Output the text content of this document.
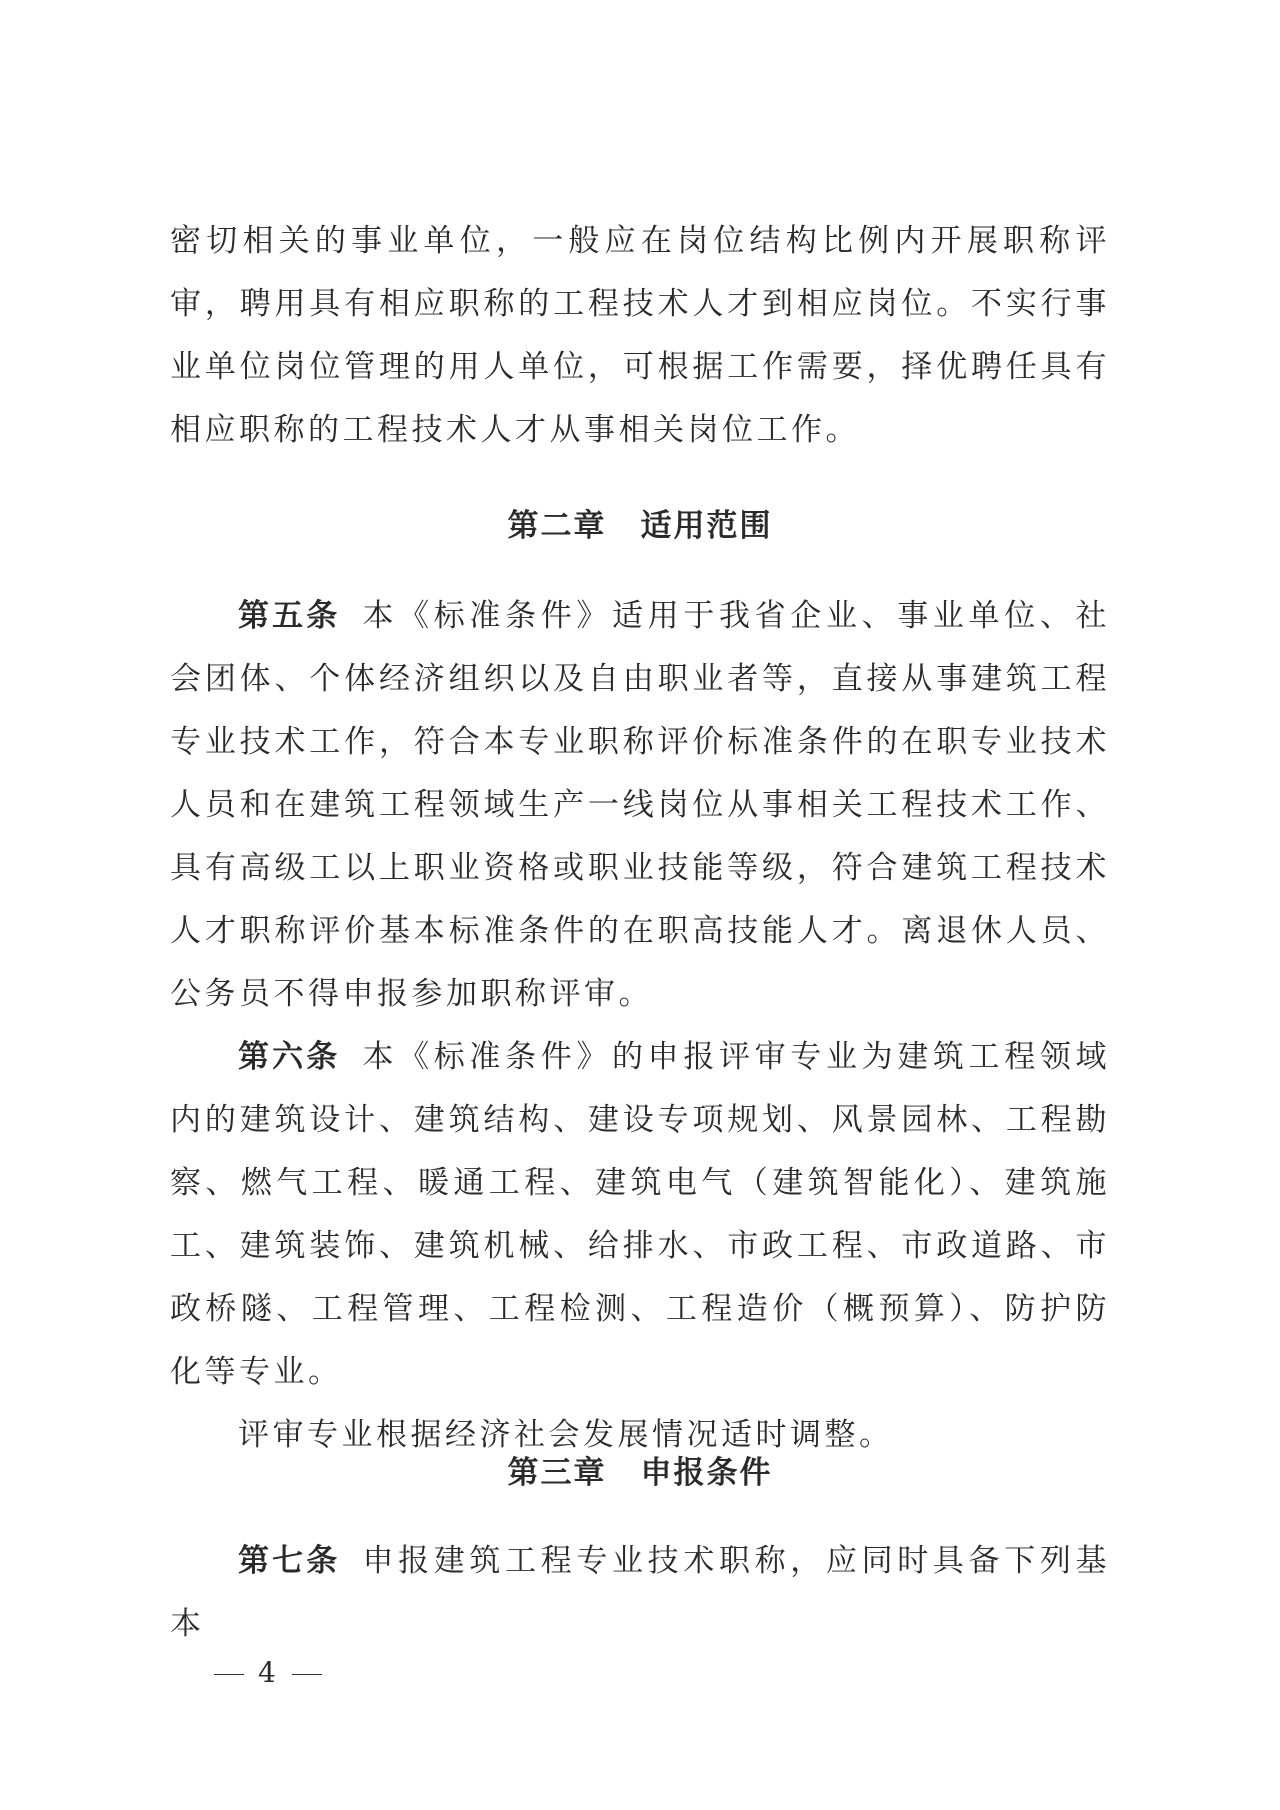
密切相关的事业单位，一般应在岗位结构比例内开展职称评审，聘用具有相应职称的工程技术人才到相应岗位。不实行事业单位岗位管理的用人单位，可根据工作需要，择优聘任具有相应职称的工程技术人才从事相关岗位工作。

第二章 适用范围

第五条 本《标准条件》适用于我省企业、事业单位、社会团体、个体经济组织以及自由职业者等，直接从事建筑工程专业技术工作，符合本专业职称评价标准条件的在职专业技术人员和在建筑工程领域生产一线岗位从事相关工程技术工作、具有高级工以上职业资格或职业技能等级，符合建筑工程技术人才职称评价基本标准条件的在职高技能人才。离退休人员、公务员不得申报参加职称评审。

第六条 本《标准条件》的申报评审专业为建筑工程领域内的建筑设计、建筑结构、建设专项规划、风景园林、工程勘察、燃气工程、暖通工程、建筑电气（建筑智能化）、建筑施工、建筑装饰、建筑机械、给排水、市政工程、市政道路、市政桥隧、工程管理、工程检测、工程造价（概预算）、防护防化等专业。

评审专业根据经济社会发展情况适时调整。

第三章 申报条件

第七条 申报建筑工程专业技术职称，应同时具备下列基本

4
